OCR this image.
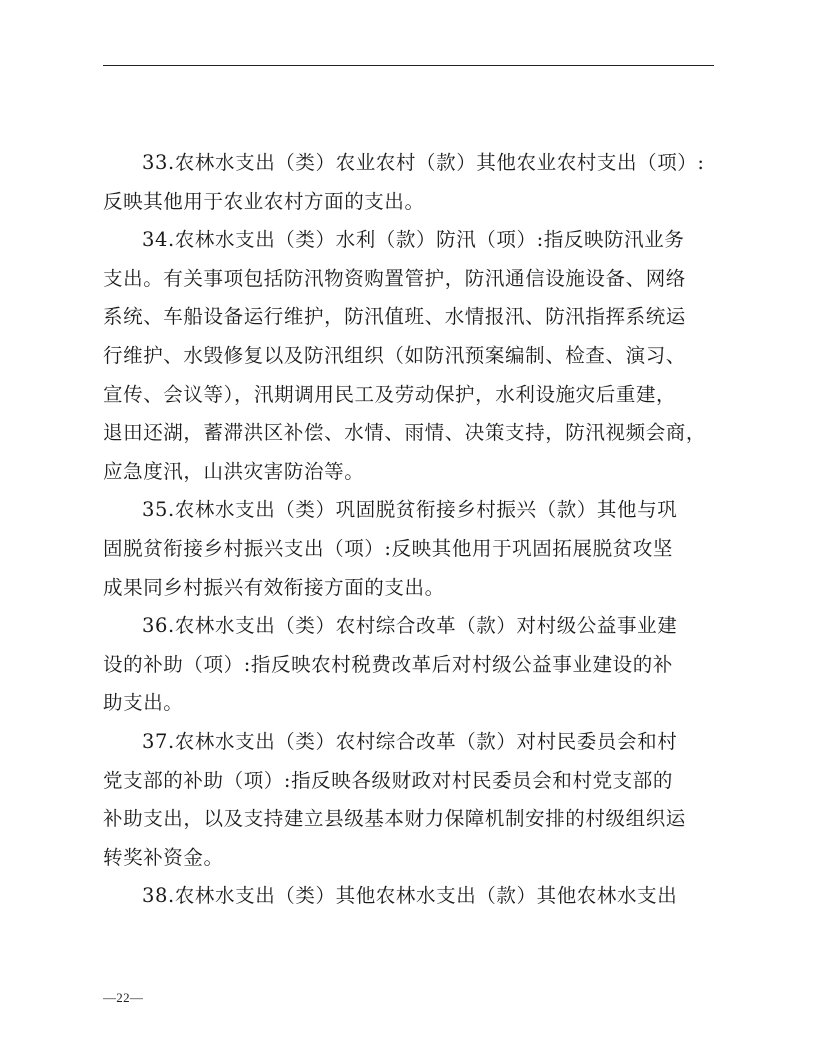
33.农林水支出（类）农业农村（款）其他农业农村支出（项）:
反映其他用于农业农村方面的支出。

34.农林水支出（类）水利（款）防汛（项）:指反映防汛业务
支出。有关事项包括防汛物资购置管护，防汛通信设施设备、网络
系统、车船设备运行维护，防汛值班、水情报汛、防汛指挥系统运
行维护、水毁修复以及防汛组织（如防汛预案编制、检查、演习、
宣传、会议等），汛期调用民工及劳动保护，水利设施灾后重建，
退田还湖，蓄滞洪区补偿、水情、雨情、决策支持，防汛视频会商，
应急度汛，山洪灾害防治等。

35.农林水支出（类）巩固脱贫衔接乡村振兴（款）其他与巩
固脱贫衔接乡村振兴支出（项）:反映其他用于巩固拓展脱贫攻坚
成果同乡村振兴有效衔接方面的支出。

36.农林水支出（类）农村综合改革（款）对村级公益事业建
设的补助（项）:指反映农村税费改革后对村级公益事业建设的补
助支出。

37.农林水支出（类）农村综合改革（款）对村民委员会和村
党支部的补助（项）:指反映各级财政对村民委员会和村党支部的
补助支出，以及支持建立县级基本财力保障机制安排的村级组织运
转奖补资金。

38.农林水支出（类）其他农林水支出（款）其他农林水支出

—22—
